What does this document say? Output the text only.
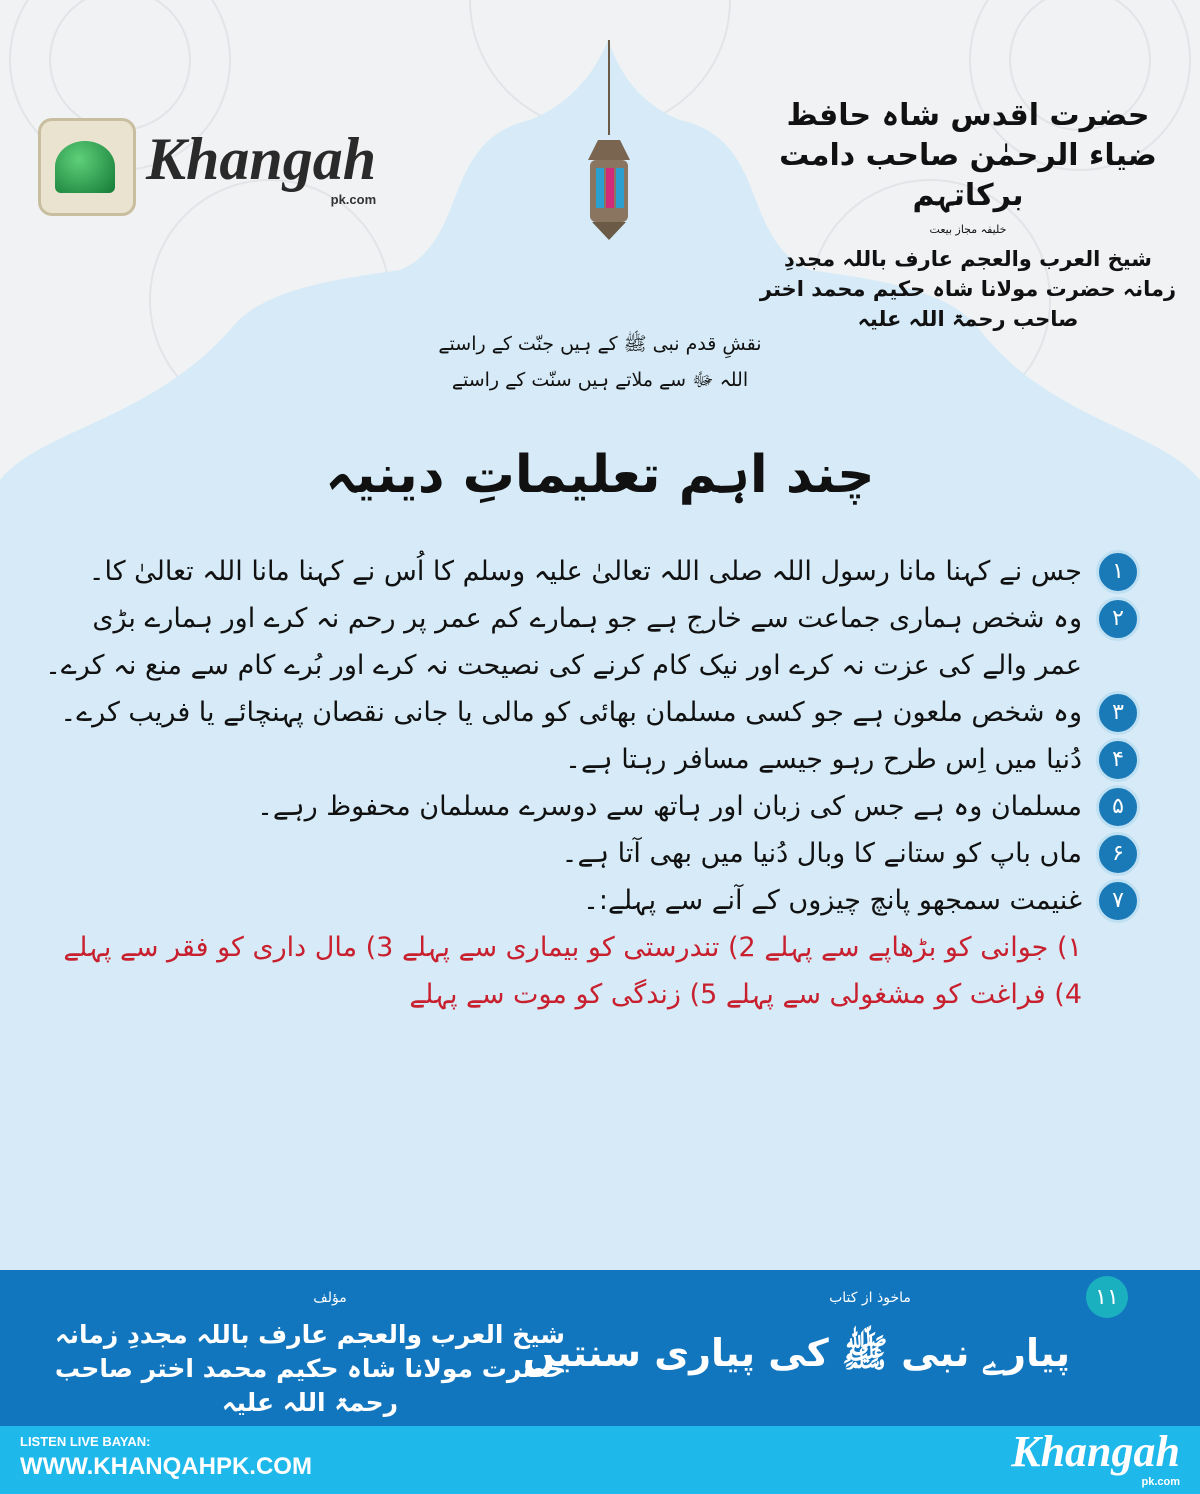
Khangah
pk.com
حضرت اقدس شاہ حافظ ضیاء الرحمٰن صاحب دامت برکاتہم
خلیفہ مجاز بیعت
شیخ العرب والعجم عارف باللہ مجددِ زمانہ حضرت مولانا شاہ حکیم محمد اختر صاحب رحمۃ اللہ علیہ
نقشِ قدم نبی ﷺ کے ہیں جنّت کے راستے
اللہ ﷻ سے ملاتے ہیں سنّت کے راستے
چند اہم تعلیماتِ دینیہ
۱
جس نے کہنا مانا رسول اللہ صلی اللہ تعالیٰ علیہ وسلم کا اُس نے کہنا مانا اللہ تعالیٰ کا۔
۲
وہ شخص ہماری جماعت سے خارج ہے جو ہمارے کم عمر پر رحم نہ کرے اور ہمارے بڑی عمر والے کی عزت نہ کرے اور نیک کام کرنے کی نصیحت نہ کرے اور بُرے کام سے منع نہ کرے۔
۳
وہ شخص ملعون ہے جو کسی مسلمان بھائی کو مالی یا جانی نقصان پہنچائے یا فریب کرے۔
۴
دُنیا میں اِس طرح رہو جیسے مسافر رہتا ہے۔
۵
مسلمان وہ ہے جس کی زبان اور ہاتھ سے دوسرے مسلمان محفوظ رہے۔
۶
ماں باپ کو ستانے کا وبال دُنیا میں بھی آتا ہے۔
۷
غنیمت سمجھو پانچ چیزوں کے آنے سے پہلے:۔
۱) جوانی کو بڑھاپے سے پہلے 2) تندرستی کو بیماری سے پہلے 3) مال داری کو فقر سے پہلے 4) فراغت کو مشغولی سے پہلے 5) زندگی کو موت سے پہلے
۱۱
ماخوذ از کتاب
پیارے نبی ﷺ کی پیاری سنتیں
مؤلف
شیخ العرب والعجم عارف باللہ مجددِ زمانہ حضرت مولانا شاہ حکیم محمد اختر صاحب رحمۃ اللہ علیہ
LISTEN LIVE BAYAN:
WWW.KHANQAHPK.COM	Khangah
pk.com
